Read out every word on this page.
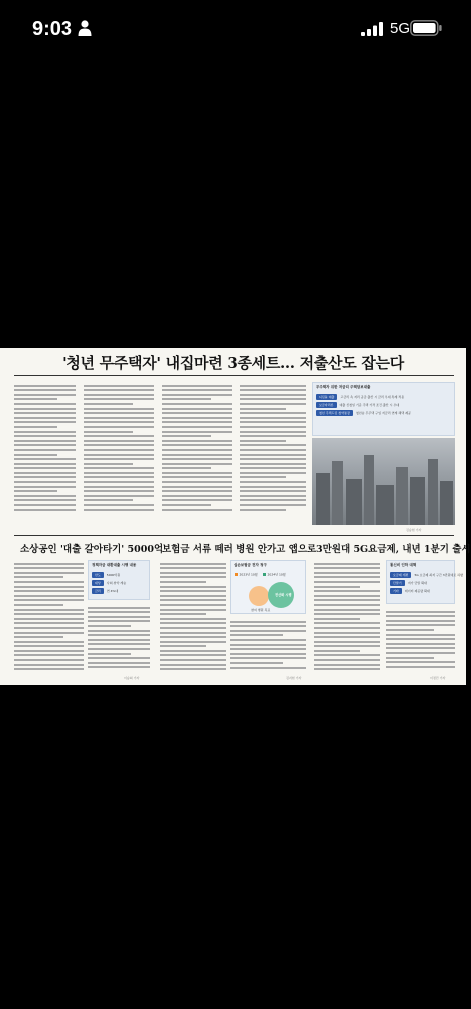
9:03	5G
'청년 무주택자' 내집마련 3종세트… 저출산도 잡는다
무주택자 위한 저금리 주택담보대출
디딤돌 대출	고금리 속 저리 공급·출산 시 금리 우대 특례 적용
보금자리론	대출 신청일 기준 주택 가격 조건·출산 시 우대
청년 주택드림 청약통장	청년층 무주택 구입 저금리 연계 혜택 제공
김승현 기자
소상공인 '대출 갈아타기' 5000억
정책자금 대환대출 시행 내용
한도	5000억원
대상	사회 취약 계층
금리	연 4%대
이승희 기자
보험금 서류 떼러 병원 안가고 앱으로
실손보험금 전자 청구
2023년 10월	2024년 10월
전산화 시행
참여 병원 목표
김지현 기자
3만원대 5G요금제, 내년 1분기 출시
통신비 인하 대책
요금제 개편	5G 요금제 최저 구간 3만원대로 하향
단말기	저가 단말 확대
기타	데이터 제공량 확대
이정민 기자
